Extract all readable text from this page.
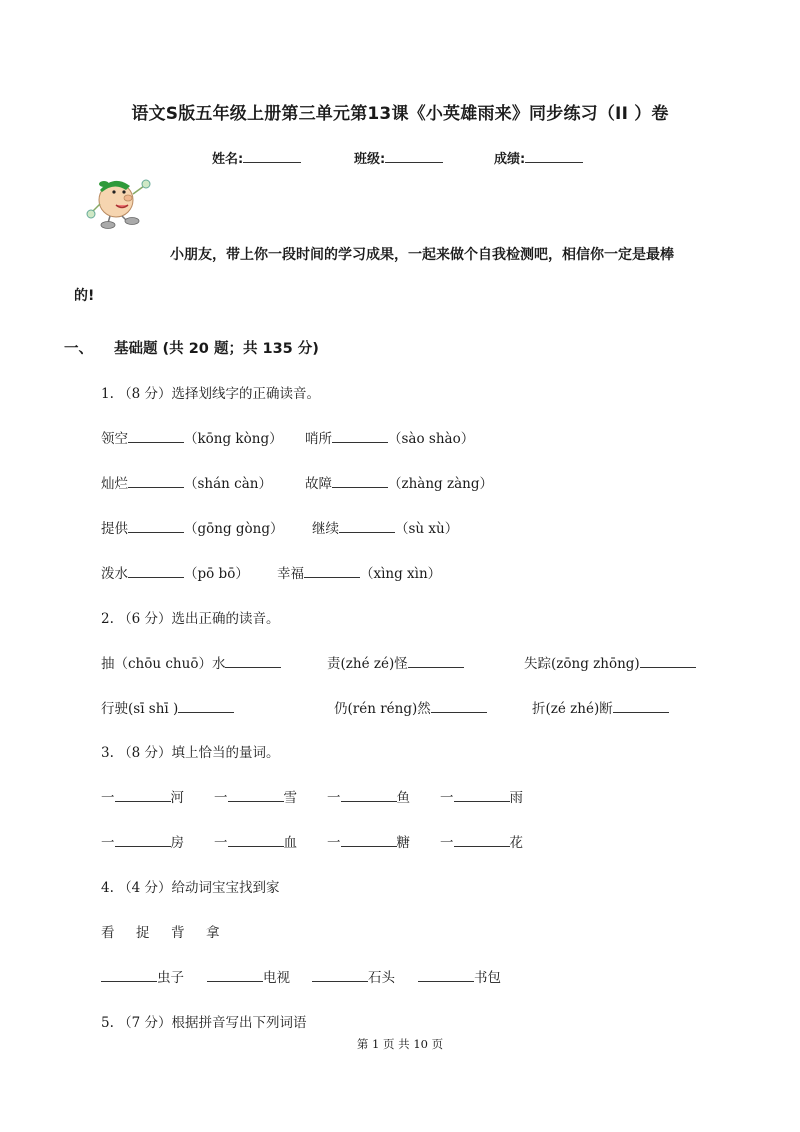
语文S版五年级上册第三单元第13课《小英雄雨来》同步练习（II ）卷
姓名:	班级:	成绩:
小朋友，带上你一段时间的学习成果，一起来做个自我检测吧，相信你一定是最棒
的!
一、 基础题 (共 20 题；共 135 分)
1. （8 分）选择划线字的正确读音。
领空	（kōng kòng） 哨所	（sào shào）
灿烂	（shán càn） 故障	（zhàng zàng）
提供	（gōng gòng） 继续	（sù xù）
泼水	（pō bō） 幸福	（xìng xìn）
2. （6 分）选出正确的读音。
抽（chōu chuō）水	责(zhé zé)怪	失踪(zōng zhōng)
行驶(sī shī )	仍(rén réng)然	折(zé zhé)断
3. （8 分）填上恰当的量词。
一	河 一	雪 一	鱼 一	雨
一	房 一	血 一	糖 一	花
4. （4 分）给动词宝宝找到家
看 捉 背 拿
虫子	电视	石头	书包
5. （7 分）根据拼音写出下列词语
第 1 页 共 10 页
